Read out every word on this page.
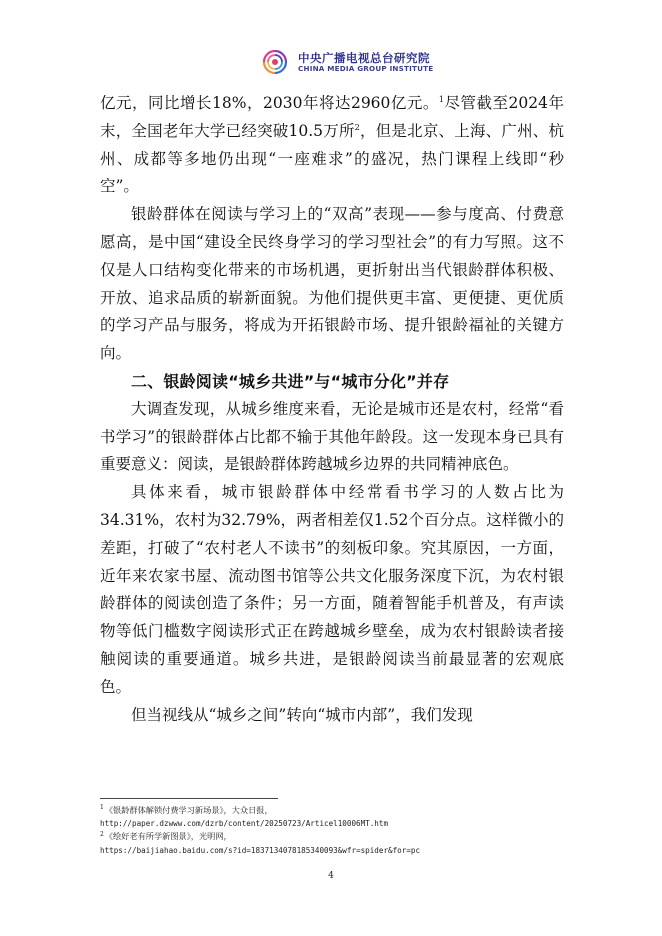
中央广播电视总台研究院
CHINA MEDIA GROUP INSTITUTE

亿元，同比增长18%，2030年将达2960亿元。$^1$尽管截至2024年末，全国老年大学已经突破10.5万所$^2$，但是北京、上海、广州、杭州、成都等多地仍出现“一座难求”的盛况，热门课程上线即“秒空”。

银龄群体在阅读与学习上的“双高”表现——参与度高、付费意愿高，是中国“建设全民终身学习的学习型社会”的有力写照。这不仅是人口结构变化带来的市场机遇，更折射出当代银龄群体积极、开放、追求品质的崭新面貌。为他们提供更丰富、更便捷、更优质的学习产品与服务，将成为开拓银龄市场、提升银龄福祉的关键方向。

二、银龄阅读“城乡共进”与“城市分化”并存

大调查发现，从城乡维度来看，无论是城市还是农村，经常“看书学习”的银龄群体占比都不输于其他年龄段。这一发现本身已具有重要意义：阅读，是银龄群体跨越城乡边界的共同精神底色。

具体来看，城市银龄群体中经常看书学习的人数占比为34.31%，农村为32.79%，两者相差仅1.52个百分点。这样微小的差距，打破了“农村老人不读书”的刻板印象。究其原因，一方面，近年来农家书屋、流动图书馆等公共文化服务深度下沉，为农村银龄群体的阅读创造了条件；另一方面，随着智能手机普及，有声读物等低门槛数字阅读形式正在跨越城乡壁垒，成为农村银龄读者接触阅读的重要通道。城乡共进，是银龄阅读当前最显著的宏观底色。

但当视线从“城乡之间”转向“城市内部”，我们发现

$^1$《银龄群体解锁付费学习新场景》，大众日报，
http://paper.dzwww.com/dzrb/content/20250723/Articel10006MT.htm
$^2$《绘好老有所学新图景》，光明网，
https://baijiahao.baidu.com/s?id=1837134078185340093&wfr=spider&for=pc
4
